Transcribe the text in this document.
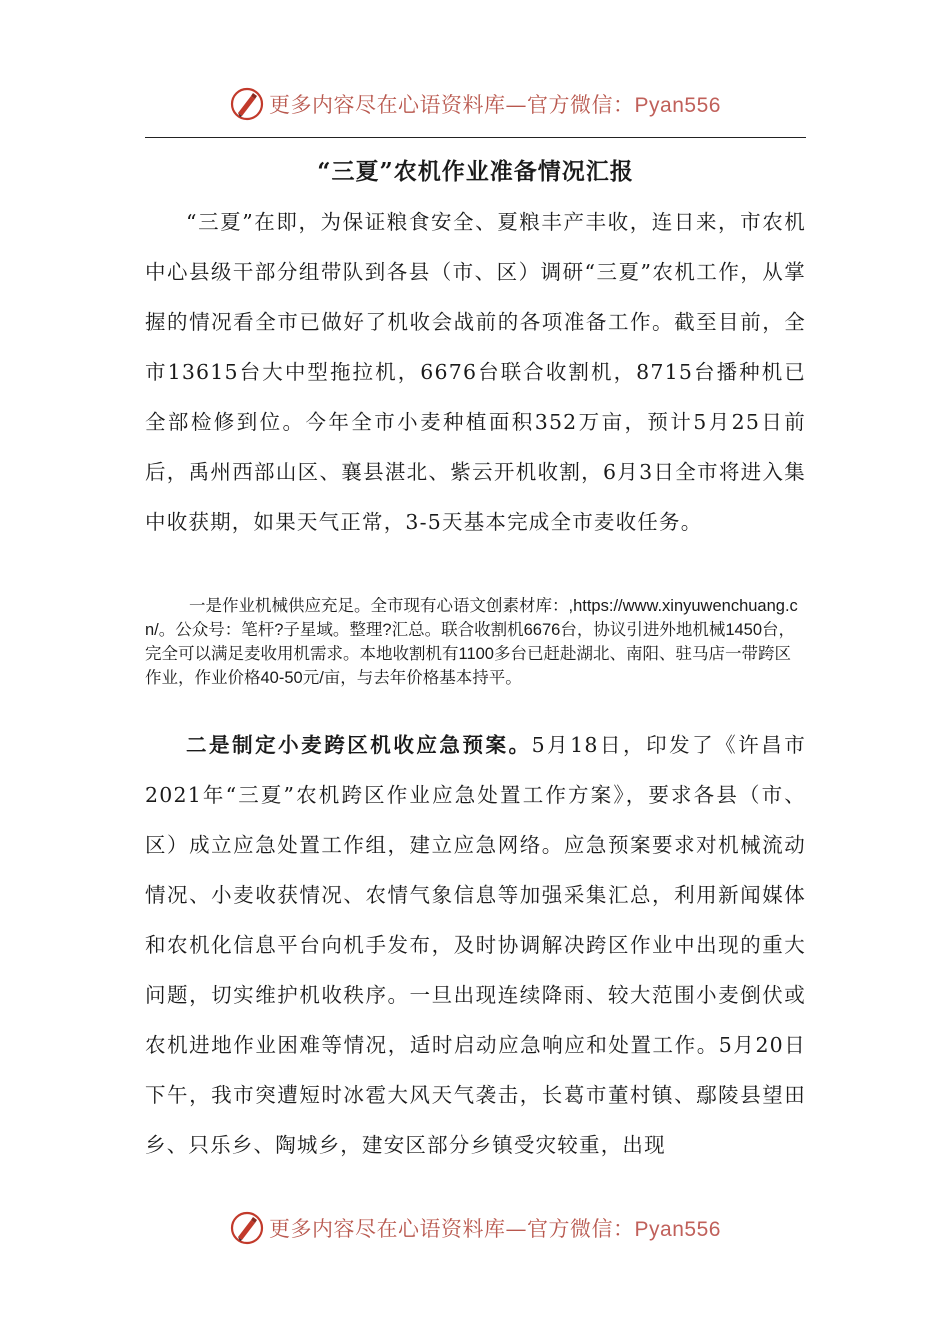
更多内容尽在心语资料库—官方微信：Pyan556
“三夏”农机作业准备情况汇报

“三夏”在即，为保证粮食安全、夏粮丰产丰收，连日来，市农机中心县级干部分组带队到各县（市、区）调研“三夏”农机工作，从掌握的情况看全市已做好了机收会战前的各项准备工作。截至目前，全市13615台大中型拖拉机，6676台联合收割机，8715台播种机已全部检修到位。今年全市小麦种植面积352万亩，预计5月25日前后，禹州西部山区、襄县湛北、紫云开机收割，6月3日全市将进入集中收获期，如果天气正常，3-5天基本完成全市麦收任务。

一是作业机械供应充足。全市现有心语文创素材库：,https://www.xinyuwenchuang.cn/。公众号：笔杆?子星域。整理?汇总。联合收割机6676台，协议引进外地机械1450台，完全可以满足麦收用机需求。本地收割机有1100多台已赶赴湖北、南阳、驻马店一带跨区作业，作业价格40-50元/亩，与去年价格基本持平。

二是制定小麦跨区机收应急预案。5月18日，印发了《许昌市2021年“三夏”农机跨区作业应急处置工作方案》，要求各县（市、区）成立应急处置工作组，建立应急网络。应急预案要求对机械流动情况、小麦收获情况、农情气象信息等加强采集汇总，利用新闻媒体和农机化信息平台向机手发布，及时协调解决跨区作业中出现的重大问题，切实维护机收秩序。一旦出现连续降雨、较大范围小麦倒伏或农机进地作业困难等情况，适时启动应急响应和处置工作。5月20日下午，我市突遭短时冰雹大风天气袭击，长葛市董村镇、鄢陵县望田乡、只乐乡、陶城乡，建安区部分乡镇受灾较重，出现

更多内容尽在心语资料库—官方微信：Pyan556
